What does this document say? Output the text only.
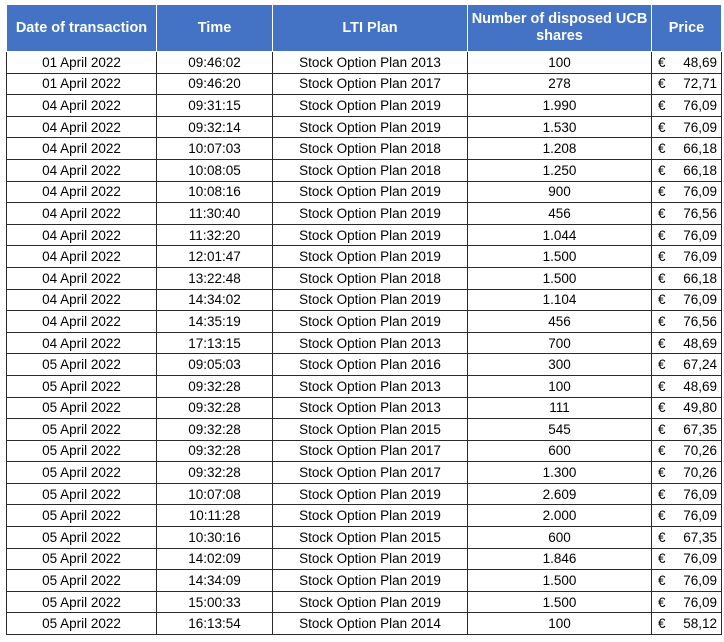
Date of transaction	Time	LTI Plan	Number of disposed UCB shares	Price
01 April 2022	09:46:02	Stock Option Plan 2013	100	€ 48,69

01 April 2022	09:46:20	Stock Option Plan 2017	278	€ 72,71

04 April 2022	09:31:15	Stock Option Plan 2019	1.990	€ 76,09

04 April 2022	09:32:14	Stock Option Plan 2019	1.530	€ 76,09

04 April 2022	10:07:03	Stock Option Plan 2018	1.208	€ 66,18

04 April 2022	10:08:05	Stock Option Plan 2018	1.250	€ 66,18

04 April 2022	10:08:16	Stock Option Plan 2019	900	€ 76,09

04 April 2022	11:30:40	Stock Option Plan 2019	456	€ 76,56

04 April 2022	11:32:20	Stock Option Plan 2019	1.044	€ 76,09

04 April 2022	12:01:47	Stock Option Plan 2019	1.500	€ 76,09

04 April 2022	13:22:48	Stock Option Plan 2018	1.500	€ 66,18

04 April 2022	14:34:02	Stock Option Plan 2019	1.104	€ 76,09

04 April 2022	14:35:19	Stock Option Plan 2019	456	€ 76,56

04 April 2022	17:13:15	Stock Option Plan 2013	700	€ 48,69

05 April 2022	09:05:03	Stock Option Plan 2016	300	€ 67,24

05 April 2022	09:32:28	Stock Option Plan 2013	100	€ 48,69

05 April 2022	09:32:28	Stock Option Plan 2013	111	€ 49,80

05 April 2022	09:32:28	Stock Option Plan 2015	545	€ 67,35

05 April 2022	09:32:28	Stock Option Plan 2017	600	€ 70,26

05 April 2022	09:32:28	Stock Option Plan 2017	1.300	€ 70,26

05 April 2022	10:07:08	Stock Option Plan 2019	2.609	€ 76,09

05 April 2022	10:11:28	Stock Option Plan 2019	2.000	€ 76,09

05 April 2022	10:30:16	Stock Option Plan 2015	600	€ 67,35

05 April 2022	14:02:09	Stock Option Plan 2019	1.846	€ 76,09

05 April 2022	14:34:09	Stock Option Plan 2019	1.500	€ 76,09

05 April 2022	15:00:33	Stock Option Plan 2019	1.500	€ 76,09

05 April 2022	16:13:54	Stock Option Plan 2014	100	€ 58,12
